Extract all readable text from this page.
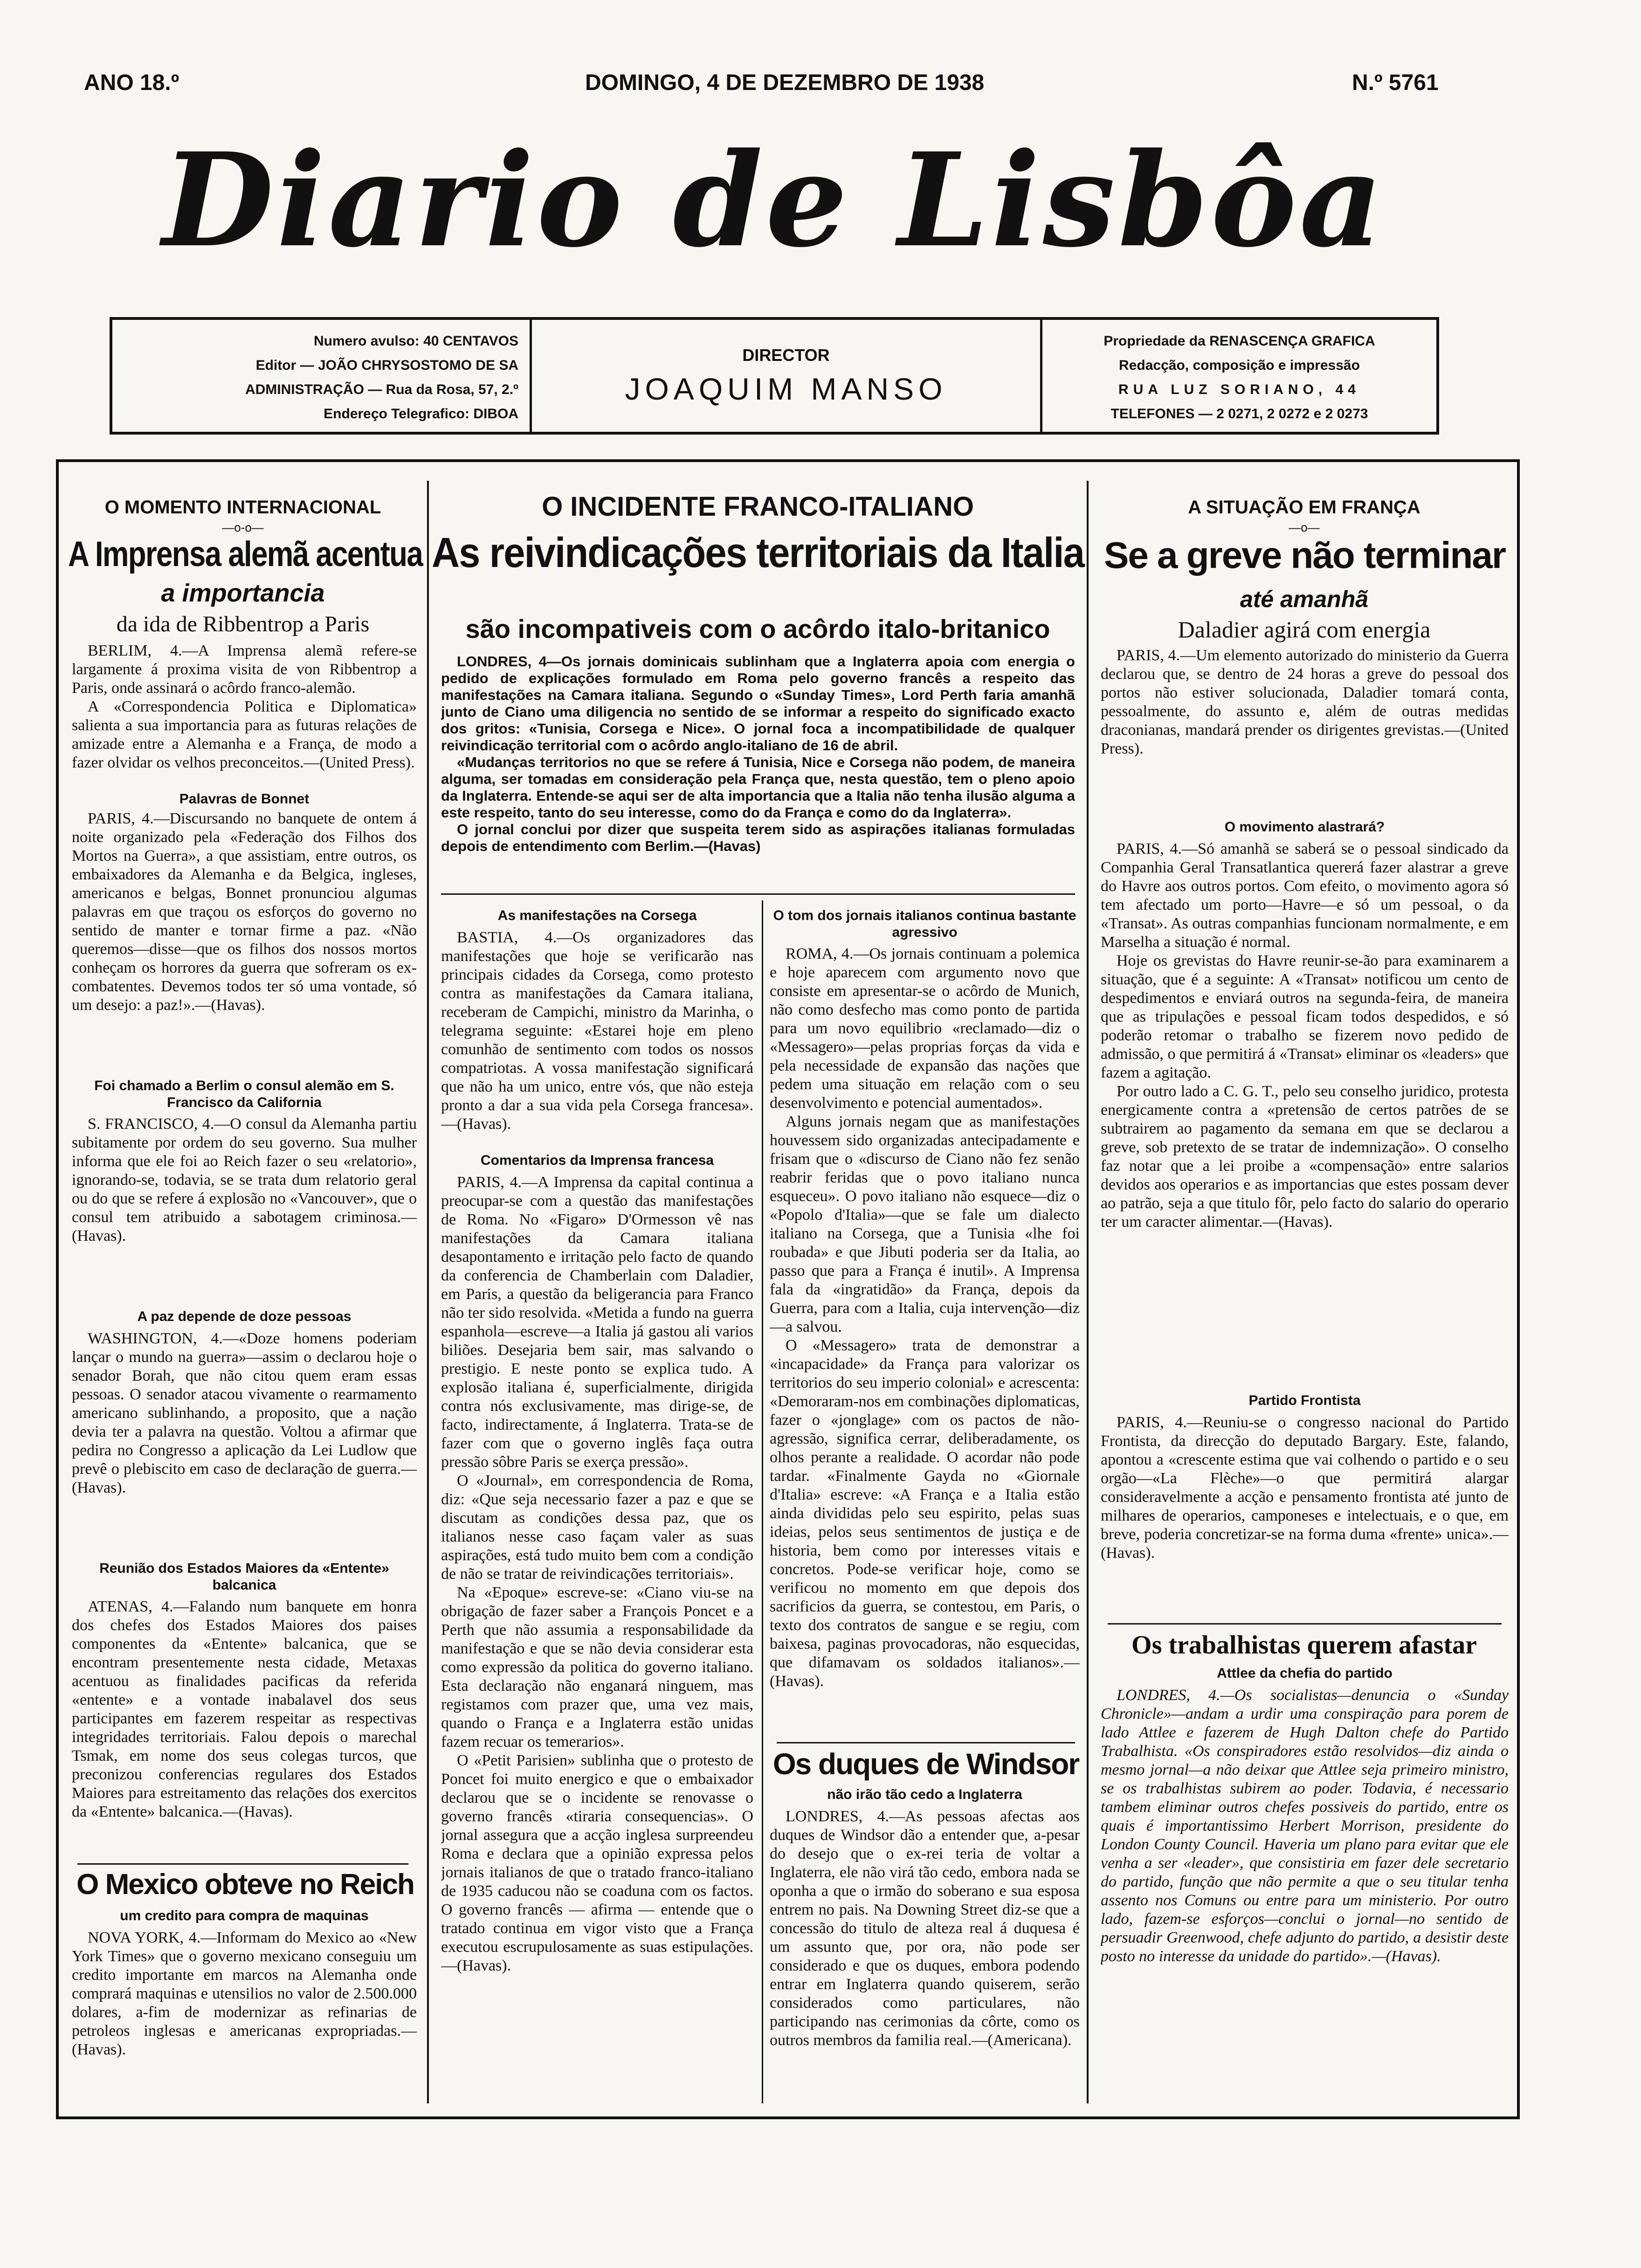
ANO 18.º	DOMINGO, 4 DE DEZEMBRO DE 1938	N.º 5761
Diario de Lisbôa
Numero avulso: 40 CENTAVOS
Editor — JOÃO CHRYSOSTOMO DE SA
ADMINISTRAÇÃO — Rua da Rosa, 57, 2.º
Endereço Telegrafico: DIBOA
DIRECTOR
JOAQUIM MANSO
Propriedade da RENASCENÇA GRAFICA
Redacção, composição e impressão
RUA LUZ SORIANO, 44
TELEFONES — 2 0271, 2 0272 e 2 0273
O MOMENTO INTERNACIONAL
—o-o—
A Imprensa alemã acentua
a importancia
da ida de Ribbentrop a Paris

BERLIM, 4.—A Imprensa alemã refere-se largamente á proxima visita de von Ribbentrop a Paris, onde assinará o acôrdo franco-alemão.

A «Correspondencia Politica e Diplomatica» salienta a sua importancia para as futuras relações de amizade entre a Alemanha e a França, de modo a fazer olvidar os velhos preconceitos.—(United Press).

Palavras de Bonnet

PARIS, 4.—Discursando no banquete de ontem á noite organizado pela «Federação dos Filhos dos Mortos na Guerra», a que assistiam, entre outros, os embaixadores da Alemanha e da Belgica, ingleses, americanos e belgas, Bonnet pronunciou algumas palavras em que traçou os esforços do governo no sentido de manter e tornar firme a paz. «Não queremos—disse—que os filhos dos nossos mortos conheçam os horrores da guerra que sofreram os ex-combatentes. Devemos todos ter só uma vontade, só um desejo: a paz!».—(Havas).

Foi chamado a Berlim o consul alemão em S. Francisco da California

S. FRANCISCO, 4.—O consul da Alemanha partiu subitamente por ordem do seu governo. Sua mulher informa que ele foi ao Reich fazer o seu «relatorio», ignorando-se, todavia, se se trata dum relatorio geral ou do que se refere á explosão no «Vancouver», que o consul tem atribuido a sabotagem criminosa.—(Havas).

A paz depende de doze pessoas

WASHINGTON, 4.—«Doze homens poderiam lançar o mundo na guerra»—assim o declarou hoje o senador Borah, que não citou quem eram essas pessoas. O senador atacou vivamente o rearmamento americano sublinhando, a proposito, que a nação devia ter a palavra na questão. Voltou a afirmar que pedira no Congresso a aplicação da Lei Ludlow que prevê o plebiscito em caso de declaração de guerra.—(Havas).

Reunião dos Estados Maiores da «Entente» balcanica

ATENAS, 4.—Falando num banquete em honra dos chefes dos Estados Maiores dos paises componentes da «Entente» balcanica, que se encontram presentemente nesta cidade, Metaxas acentuou as finalidades pacificas da referida «entente» e a vontade inabalavel dos seus participantes em fazerem respeitar as respectivas integridades territoriais. Falou depois o marechal Tsmak, em nome dos seus colegas turcos, que preconizou conferencias regulares dos Estados Maiores para estreitamento das relações dos exercitos da «Entente» balcanica.—(Havas).

O Mexico obteve no Reich
um credito para compra de maquinas

NOVA YORK, 4.—Informam do Mexico ao «New York Times» que o governo mexicano conseguiu um credito importante em marcos na Alemanha onde comprará maquinas e utensilios no valor de 2.500.000 dolares, a-fim de modernizar as refinarias de petroleos inglesas e americanas expropriadas.—(Havas).

O INCIDENTE FRANCO-ITALIANO
As reivindicações territoriais da Italia
são incompativeis com o acôrdo italo-britanico

LONDRES, 4—Os jornais dominicais sublinham que a Inglaterra apoia com energia o pedido de explicações formulado em Roma pelo governo francês a respeito das manifestações na Camara italiana. Segundo o «Sunday Times», Lord Perth faria amanhã junto de Ciano uma diligencia no sentido de se informar a respeito do significado exacto dos gritos: «Tunisia, Corsega e Nice». O jornal foca a incompatibilidade de qualquer reivindicação territorial com o acôrdo anglo-italiano de 16 de abril.

«Mudanças territorios no que se refere á Tunisia, Nice e Corsega não podem, de maneira alguma, ser tomadas em consideração pela França que, nesta questão, tem o pleno apoio da Inglaterra. Entende-se aqui ser de alta importancia que a Italia não tenha ilusão alguma a este respeito, tanto do seu interesse, como do da França e como do da Inglaterra».

O jornal conclui por dizer que suspeita terem sido as aspirações italianas formuladas depois de entendimento com Berlim.—(Havas)

As manifestações na Corsega

BASTIA, 4.—Os organizadores das manifestações que hoje se verificarão nas principais cidades da Corsega, como protesto contra as manifestações da Camara italiana, receberam de Campichi, ministro da Marinha, o telegrama seguinte: «Estarei hoje em pleno comunhão de sentimento com todos os nossos compatriotas. A vossa manifestação significará que não ha um unico, entre vós, que não esteja pronto a dar a sua vida pela Corsega francesa».—(Havas).

Comentarios da Imprensa francesa

PARIS, 4.—A Imprensa da capital continua a preocupar-se com a questão das manifestações de Roma. No «Figaro» D'Ormesson vê nas manifestações da Camara italiana desapontamento e irritação pelo facto de quando da conferencia de Chamberlain com Daladier, em Paris, a questão da beligerancia para Franco não ter sido resolvida. «Metida a fundo na guerra espanhola—escreve—a Italia já gastou ali varios biliões. Desejaria bem sair, mas salvando o prestigio. E neste ponto se explica tudo. A explosão italiana é, superficialmente, dirigida contra nós exclusivamente, mas dirige-se, de facto, indirectamente, á Inglaterra. Trata-se de fazer com que o governo inglês faça outra pressão sôbre Paris se exerça pressão».

O «Journal», em correspondencia de Roma, diz: «Que seja necessario fazer a paz e que se discutam as condições dessa paz, que os italianos nesse caso façam valer as suas aspirações, está tudo muito bem com a condição de não se tratar de reivindicações territoriais».

Na «Epoque» escreve-se: «Ciano viu-se na obrigação de fazer saber a François Poncet e a Perth que não assumia a responsabilidade da manifestação e que se não devia considerar esta como expressão da politica do governo italiano. Esta declaração não enganará ninguem, mas registamos com prazer que, uma vez mais, quando o França e a Inglaterra estão unidas fazem recuar os temerarios».

O «Petit Parisien» sublinha que o protesto de Poncet foi muito energico e que o embaixador declarou que se o incidente se renovasse o governo francês «tiraria consequencias». O jornal assegura que a acção inglesa surpreendeu Roma e declara que a opinião expressa pelos jornais italianos de que o tratado franco-italiano de 1935 caducou não se coaduna com os factos. O governo francês — afirma — entende que o tratado continua em vigor visto que a França executou escrupulosamente as suas estipulações.—(Havas).

O tom dos jornais italianos continua bastante agressivo

ROMA, 4.—Os jornais continuam a polemica e hoje aparecem com argumento novo que consiste em apresentar-se o acôrdo de Munich, não como desfecho mas como ponto de partida para um novo equilibrio «reclamado—diz o «Messagero»—pelas proprias forças da vida e pela necessidade de expansão das nações que pedem uma situação em relação com o seu desenvolvimento e potencial aumentados».

Alguns jornais negam que as manifestações houvessem sido organizadas antecipadamente e frisam que o «discurso de Ciano não fez senão reabrir feridas que o povo italiano nunca esqueceu». O povo italiano não esquece—diz o «Popolo d'Italia»—que se fale um dialecto italiano na Corsega, que a Tunisia «lhe foi roubada» e que Jibuti poderia ser da Italia, ao passo que para a França é inutil». A Imprensa fala da «ingratidão» da França, depois da Guerra, para com a Italia, cuja intervenção—diz—a salvou.

O «Messagero» trata de demonstrar a «incapacidade» da França para valorizar os territorios do seu imperio colonial» e acrescenta: «Demoraram-nos em combinações diplomaticas, fazer o «jonglage» com os pactos de não-agressão, significa cerrar, deliberadamente, os olhos perante a realidade. O acordar não pode tardar. «Finalmente Gayda no «Giornale d'Italia» escreve: «A França e a Italia estão ainda divididas pelo seu espirito, pelas suas ideias, pelos seus sentimentos de justiça e de historia, bem como por interesses vitais e concretos. Pode-se verificar hoje, como se verificou no momento em que depois dos sacrificios da guerra, se contestou, em Paris, o texto dos contratos de sangue e se regiu, com baixesa, paginas provocadoras, não esquecidas, que difamavam os soldados italianos».—(Havas).

Os duques de Windsor
não irão tão cedo a Inglaterra

LONDRES, 4.—As pessoas afectas aos duques de Windsor dão a entender que, a-pesar do desejo que o ex-rei teria de voltar a Inglaterra, ele não virá tão cedo, embora nada se oponha a que o irmão do soberano e sua esposa entrem no pais. Na Downing Street diz-se que a concessão do titulo de alteza real á duquesa é um assunto que, por ora, não pode ser considerado e que os duques, embora podendo entrar em Inglaterra quando quiserem, serão considerados como particulares, não participando nas cerimonias da côrte, como os outros membros da familia real.—(Americana).

A SITUAÇÃO EM FRANÇA
—o—
Se a greve não terminar
até amanhã
Daladier agirá com energia

PARIS, 4.—Um elemento autorizado do ministerio da Guerra declarou que, se dentro de 24 horas a greve do pessoal dos portos não estiver solucionada, Daladier tomará conta, pessoalmente, do assunto e, além de outras medidas draconianas, mandará prender os dirigentes grevistas.—(United Press).

O movimento alastrará?

PARIS, 4.—Só amanhã se saberá se o pessoal sindicado da Companhia Geral Transatlantica quererá fazer alastrar a greve do Havre aos outros portos. Com efeito, o movimento agora só tem afectado um porto—Havre—e só um pessoal, o da «Transat». As outras companhias funcionam normalmente, e em Marselha a situação é normal.

Hoje os grevistas do Havre reunir-se-ão para examinarem a situação, que é a seguinte: A «Transat» notificou um cento de despedimentos e enviará outros na segunda-feira, de maneira que as tripulações e pessoal ficam todos despedidos, e só poderão retomar o trabalho se fizerem novo pedido de admissão, o que permitirá á «Transat» eliminar os «leaders» que fazem a agitação.

Por outro lado a C. G. T., pelo seu conselho juridico, protesta energicamente contra a «pretensão de certos patrões de se subtrairem ao pagamento da semana em que se declarou a greve, sob pretexto de se tratar de indemnização». O conselho faz notar que a lei proibe a «compensação» entre salarios devidos aos operarios e as importancias que estes possam dever ao patrão, seja a que titulo fôr, pelo facto do salario do operario ter um caracter alimentar.—(Havas).

Partido Frontista

PARIS, 4.—Reuniu-se o congresso nacional do Partido Frontista, da direcção do deputado Bargary. Este, falando, apontou a «crescente estima que vai colhendo o partido e o seu orgão—«La Flèche»—o que permitirá alargar consideravelmente a acção e pensamento frontista até junto de milhares de operarios, camponeses e intelectuais, e o que, em breve, poderia concretizar-se na forma duma «frente» unica».—(Havas).

Os trabalhistas querem afastar
Attlee da chefia do partido

LONDRES, 4.—Os socialistas—denuncia o «Sunday Chronicle»—andam a urdir uma conspiração para porem de lado Attlee e fazerem de Hugh Dalton chefe do Partido Trabalhista. «Os conspiradores estão resolvidos—diz ainda o mesmo jornal—a não deixar que Attlee seja primeiro ministro, se os trabalhistas subirem ao poder. Todavia, é necessario tambem eliminar outros chefes possiveis do partido, entre os quais é importantissimo Herbert Morrison, presidente do London County Council. Haveria um plano para evitar que ele venha a ser «leader», que consistiria em fazer dele secretario do partido, função que não permite a que o seu titular tenha assento nos Comuns ou entre para um ministerio. Por outro lado, fazem-se esforços—conclui o jornal—no sentido de persuadir Greenwood, chefe adjunto do partido, a desistir deste posto no interesse da unidade do partido».—(Havas).
